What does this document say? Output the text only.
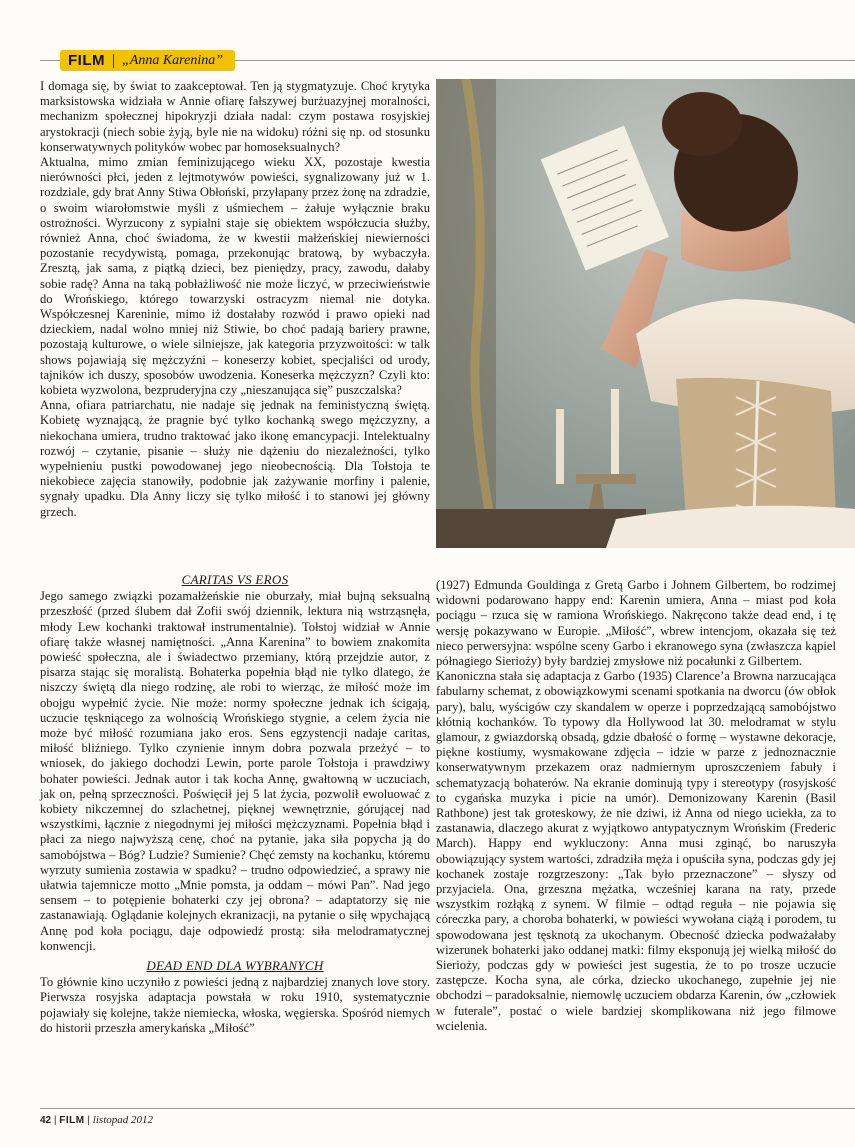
FILM „Anna Karenina”

I domaga się, by świat to zaakceptował. Ten ją stygmatyzuje. Choć krytyka marksistowska widziała w Annie ofiarę fałszywej burżuazyjnej moralności, mechanizm społecznej hipokryzji działa nadal: czym postawa rosyjskiej arystokracji (niech sobie żyją, byle nie na widoku) różni się np. od stosunku konserwatywnych polityków wobec par homoseksualnych?

Aktualna, mimo zmian feminizującego wieku XX, pozostaje kwestia nierówności płci, jeden z lejtmotywów powieści, sygnalizowany już w 1. rozdziale, gdy brat Anny Stiwa Obłoński, przyłapany przez żonę na zdradzie, o swoim wiarołomstwie myśli z uśmiechem – żałuje wyłącznie braku ostrożności. Wyrzucony z sypialni staje się obiektem współczucia służby, również Anna, choć świadoma, że w kwestii małżeńskiej niewierności pozostanie recydywistą, pomaga, przekonując bratową, by wybaczyła. Zresztą, jak sama, z piątką dzieci, bez pieniędzy, pracy, zawodu, dałaby sobie radę? Anna na taką pobłażliwość nie może liczyć, w przeciwieństwie do Wrońskiego, którego towarzyski ostracyzm niemal nie dotyka. Współczesnej Kareninie, mimo iż dostałaby rozwód i prawo opieki nad dzieckiem, nadal wolno mniej niż Stiwie, bo choć padają bariery prawne, pozostają kulturowe, o wiele silniejsze, jak kategoria przyzwoitości: w talk shows pojawiają się mężczyźni – koneserzy kobiet, specjaliści od urody, tajników ich duszy, sposobów uwodzenia. Koneserka mężczyzn? Czyli kto: kobieta wyzwolona, bezpruderyjna czy „nieszanująca się” puszczalska?

Anna, ofiara patriarchatu, nie nadaje się jednak na feministyczną świętą. Kobietę wyznającą, że pragnie być tylko kochanką swego mężczyzny, a niekochana umiera, trudno traktować jako ikonę emancypacji. Intelektualny rozwój – czytanie, pisanie – służy nie dążeniu do niezależności, tylko wypełnieniu pustki powodowanej jego nieobecnością. Dla Tołstoja te niekobiece zajęcia stanowiły, podobnie jak zażywanie morfiny i palenie, sygnały upadku. Dla Anny liczy się tylko miłość i to stanowi jej główny grzech.

CARITAS VS EROS

Jego samego związki pozamałżeńskie nie oburzały, miał bujną seksualną przeszłość (przed ślubem dał Zofii swój dziennik, lektura nią wstrząsnęła, młody Lew kochanki traktował instrumentalnie). Tołstoj widział w Annie ofiarę także własnej namiętności. „Anna Karenina” to bowiem znakomita powieść społeczna, ale i świadectwo przemiany, którą przejdzie autor, z pisarza stając się moralistą. Bohaterka popełnia błąd nie tylko dlatego, że niszczy świętą dla niego rodzinę, ale robi to wierząc, że miłość może im obojgu wypełnić życie. Nie może: normy społeczne jednak ich ścigają, uczucie tęskniącego za wolnością Wrońskiego stygnie, a celem życia nie może być miłość rozumiana jako eros. Sens egzystencji nadaje caritas, miłość bliźniego. Tylko czynienie innym dobra pozwala przeżyć – to wniosek, do jakiego dochodzi Lewin, porte parole Tołstoja i prawdziwy bohater powieści. Jednak autor i tak kocha Annę, gwałtowną w uczuciach, jak on, pełną sprzeczności. Poświęcił jej 5 lat życia, pozwolił ewoluować z kobiety nikczemnej do szlachetnej, pięknej wewnętrznie, górującej nad wszystkimi, łącznie z niegodnymi jej miłości mężczyznami. Popełnia błąd i płaci za niego najwyższą cenę, choć na pytanie, jaka siła popycha ją do samobójstwa – Bóg? Ludzie? Sumienie? Chęć zemsty na kochanku, któremu wyrzuty sumienia zostawia w spadku? – trudno odpowiedzieć, a sprawy nie ułatwia tajemnicze motto „Mnie pomsta, ja oddam – mówi Pan”. Nad jego sensem – to potępienie bohaterki czy jej obrona? – adaptatorzy się nie zastanawiają. Oglądanie kolejnych ekranizacji, na pytanie o siłę wpychającą Annę pod koła pociągu, daje odpowiedź prostą: siła melodramatycznej konwencji.

DEAD END DLA WYBRANYCH

To głównie kino uczyniło z powieści jedną z najbardziej znanych love story. Pierwsza rosyjska adaptacja powstała w roku 1910, systematycznie pojawiały się kolejne, także niemiecka, włoska, węgierska. Spośród niemych do historii przeszła amerykańska „Miłość”

(1927) Edmunda Gouldinga z Gretą Garbo i Johnem Gilbertem, bo rodzimej widowni podarowano happy end: Karenin umiera, Anna – miast pod koła pociągu – rzuca się w ramiona Wrońskiego. Nakręcono także dead end, i tę wersję pokazywano w Europie. „Miłość”, wbrew intencjom, okazała się też nieco perwersyjna: wspólne sceny Garbo i ekranowego syna (zwłaszcza kąpiel półnagiego Sierioży) były bardziej zmysłowe niż pocałunki z Gilbertem.

Kanoniczna stała się adaptacja z Garbo (1935) Clarence’a Browna narzucająca fabularny schemat, z obowiązkowymi scenami spotkania na dworcu (ów obłok pary), balu, wyścigów czy skandalem w operze i poprzedzającą samobójstwo kłótnią kochanków. To typowy dla Hollywood lat 30. melodramat w stylu glamour, z gwiazdorską obsadą, gdzie dbałość o formę – wystawne dekoracje, piękne kostiumy, wysmakowane zdjęcia – idzie w parze z jednoznacznie konserwatywnym przekazem oraz nadmiernym uproszczeniem fabuły i schematyzacją bohaterów. Na ekranie dominują typy i stereotypy (rosyjskość to cygańska muzyka i picie na umór). Demonizowany Karenin (Basil Rathbone) jest tak groteskowy, że nie dziwi, iż Anna od niego uciekła, za to zastanawia, dlaczego akurat z wyjątkowo antypatycznym Wrońskim (Frederic March). Happy end wykluczony: Anna musi zginąć, bo naruszyła obowiązujący system wartości, zdradziła męża i opuściła syna, podczas gdy jej kochanek zostaje rozgrzeszony: „Tak było przeznaczone” – słyszy od przyjaciela. Ona, grzeszna mężatka, wcześniej karana na raty, przede wszystkim rozłąką z synem. W filmie – odtąd reguła – nie pojawia się córeczka pary, a choroba bohaterki, w powieści wywołana ciążą i porodem, tu spowodowana jest tęsknotą za ukochanym. Obecność dziecka podważałaby wizerunek bohaterki jako oddanej matki: filmy eksponują jej wielką miłość do Sierioży, podczas gdy w powieści jest sugestia, że to po trosze uczucie zastępcze. Kocha syna, ale córka, dziecko ukochanego, zupełnie jej nie obchodzi – paradoksalnie, niemowlę uczuciem obdarza Karenin, ów „człowiek w futerale”, postać o wiele bardziej skomplikowana niż jego filmowe wcielenia.

42 | FILM | listopad 2012
